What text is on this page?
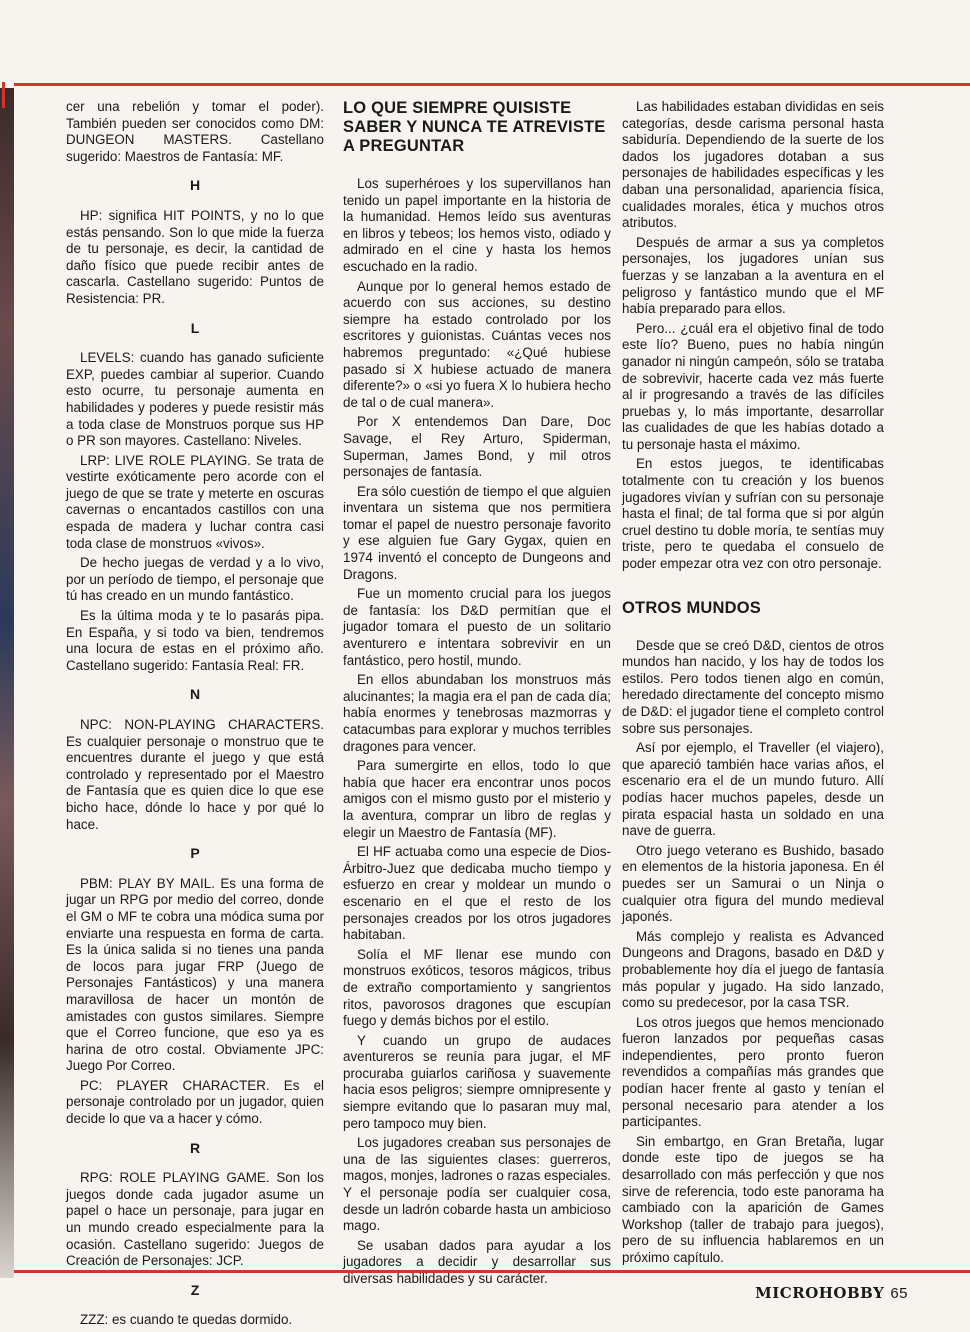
cer una rebelión y tomar el poder). También pueden ser conocidos como DM: DUNGEON MASTERS. Castellano sugerido: Maestros de Fantasía: MF.

H

HP: significa HIT POINTS, y no lo que estás pensando. Son lo que mide la fuerza de tu personaje, es decir, la cantidad de daño físico que puede recibir antes de cascarla. Castellano sugerido: Puntos de Resistencia: PR.

L

LEVELS: cuando has ganado suficiente EXP, puedes cambiar al superior. Cuando esto ocurre, tu personaje aumenta en habilidades y poderes y puede resistir más a toda clase de Monstruos porque sus HP o PR son mayores. Castellano: Niveles.

LRP: LIVE ROLE PLAYING. Se trata de vestirte exóticamente pero acorde con el juego de que se trate y meterte en oscuras cavernas o encantados castillos con una espada de madera y luchar contra casi toda clase de monstruos «vivos».

De hecho juegas de verdad y a lo vivo, por un período de tiempo, el personaje que tú has creado en un mundo fantástico.

Es la última moda y te lo pasarás pipa. En España, y si todo va bien, tendremos una locura de estas en el próximo año. Castellano sugerido: Fantasía Real: FR.

N

NPC: NON-PLAYING CHARACTERS. Es cualquier personaje o monstruo que te encuentres durante el juego y que está controlado y representado por el Maestro de Fantasía que es quien dice lo que ese bicho hace, dónde lo hace y por qué lo hace.

P

PBM: PLAY BY MAIL. Es una forma de jugar un RPG por medio del correo, donde el GM o MF te cobra una módica suma por enviarte una respuesta en forma de carta. Es la única salida si no tienes una panda de locos para jugar FRP (Juego de Personajes Fantásticos) y una manera maravillosa de hacer un montón de amistades con gustos similares. Siempre que el Correo funcione, que eso ya es harina de otro costal. Obviamente JPC: Juego Por Correo.

PC: PLAYER CHARACTER. Es el personaje controlado por un jugador, quien decide lo que va a hacer y cómo.

R

RPG: ROLE PLAYING GAME. Son los juegos donde cada jugador asume un papel o hace un personaje, para jugar en un mundo creado especialmente para la ocasión. Castellano sugerido: Juegos de Creación de Personajes: JCP.

Z

ZZZ: es cuando te quedas dormido.

LO QUE SIEMPRE QUISISTE SABER Y NUNCA TE ATREVISTE A PREGUNTAR

Los superhéroes y los supervillanos han tenido un papel importante en la historia de la humanidad. Hemos leído sus aventuras en libros y tebeos; los hemos visto, odiado y admirado en el cine y hasta los hemos escuchado en la radio.

Aunque por lo general hemos estado de acuerdo con sus acciones, su destino siempre ha estado controlado por los escritores y guionistas. Cuántas veces nos habremos preguntado: «¿Qué hubiese pasado si X hubiese actuado de manera diferente?» o «si yo fuera X lo hubiera hecho de tal o de cual manera».

Por X entendemos Dan Dare, Doc Savage, el Rey Arturo, Spiderman, Superman, James Bond, y mil otros personajes de fantasía.

Era sólo cuestión de tiempo el que alguien inventara un sistema que nos permitiera tomar el papel de nuestro personaje favorito y ese alguien fue Gary Gygax, quien en 1974 inventó el concepto de Dungeons and Dragons.

Fue un momento crucial para los juegos de fantasía: los D&D permitían que el jugador tomara el puesto de un solitario aventurero e intentara sobrevivir en un fantástico, pero hostil, mundo.

En ellos abundaban los monstruos más alucinantes; la magia era el pan de cada día; había enormes y tenebrosas mazmorras y catacumbas para explorar y muchos terribles dragones para vencer.

Para sumergirte en ellos, todo lo que había que hacer era encontrar unos pocos amigos con el mismo gusto por el misterio y la aventura, comprar un libro de reglas y elegir un Maestro de Fantasía (MF).

El HF actuaba como una especie de Dios-Árbitro-Juez que dedicaba mucho tiempo y esfuerzo en crear y moldear un mundo o escenario en el que el resto de los personajes creados por los otros jugadores habitaban.

Solía el MF llenar ese mundo con monstruos exóticos, tesoros mágicos, tribus de extraño comportamiento y sangrientos ritos, pavorosos dragones que escupían fuego y demás bichos por el estilo.

Y cuando un grupo de audaces aventureros se reunía para jugar, el MF procuraba guiarlos cariñosa y suavemente hacia esos peligros; siempre omnipresente y siempre evitando que lo pasaran muy mal, pero tampoco muy bien.

Los jugadores creaban sus personajes de una de las siguientes clases: guerreros, magos, monjes, ladrones o razas especiales. Y el personaje podía ser cualquier cosa, desde un ladrón cobarde hasta un ambicioso mago.

Se usaban dados para ayudar a los jugadores a decidir y desarrollar sus diversas habilidades y su carácter.

Las habilidades estaban divididas en seis categorías, desde carisma personal hasta sabiduría. Dependiendo de la suerte de los dados los jugadores dotaban a sus personajes de habilidades específicas y les daban una personalidad, apariencia física, cualidades morales, ética y muchos otros atributos.

Después de armar a sus ya completos personajes, los jugadores unían sus fuerzas y se lanzaban a la aventura en el peligroso y fantástico mundo que el MF había preparado para ellos.

Pero... ¿cuál era el objetivo final de todo este lío? Bueno, pues no había ningún ganador ni ningún campeón, sólo se trataba de sobrevivir, hacerte cada vez más fuerte al ir progresando a través de las difíciles pruebas y, lo más importante, desarrollar las cualidades de que les habías dotado a tu personaje hasta el máximo.

En estos juegos, te identificabas totalmente con tu creación y los buenos jugadores vivían y sufrían con su personaje hasta el final; de tal forma que si por algún cruel destino tu doble moría, te sentías muy triste, pero te quedaba el consuelo de poder empezar otra vez con otro personaje.

OTROS MUNDOS

Desde que se creó D&D, cientos de otros mundos han nacido, y los hay de todos los estilos. Pero todos tienen algo en común, heredado directamente del concepto mismo de D&D: el jugador tiene el completo control sobre sus personajes.

Así por ejemplo, el Traveller (el viajero), que apareció también hace varias años, el escenario era el de un mundo futuro. Allí podías hacer muchos papeles, desde un pirata espacial hasta un soldado en una nave de guerra.

Otro juego veterano es Bushido, basado en elementos de la historia japonesa. En él puedes ser un Samurai o un Ninja o cualquier otra figura del mundo medieval japonés.

Más complejo y realista es Advanced Dungeons and Dragons, basado en D&D y probablemente hoy día el juego de fantasía más popular y jugado. Ha sido lanzado, como su predecesor, por la casa TSR.

Los otros juegos que hemos mencionado fueron lanzados por pequeñas casas independientes, pero pronto fueron revendidos a compañías más grandes que podían hacer frente al gasto y tenían el personal necesario para atender a los participantes.

Sin embartgo, en Gran Bretaña, lugar donde este tipo de juegos se ha desarrollado con más perfección y que nos sirve de referencia, todo este panorama ha cambiado con la aparición de Games Workshop (taller de trabajo para juegos), pero de su influencia hablaremos en un próximo capítulo.

MICROHOBBY 65
